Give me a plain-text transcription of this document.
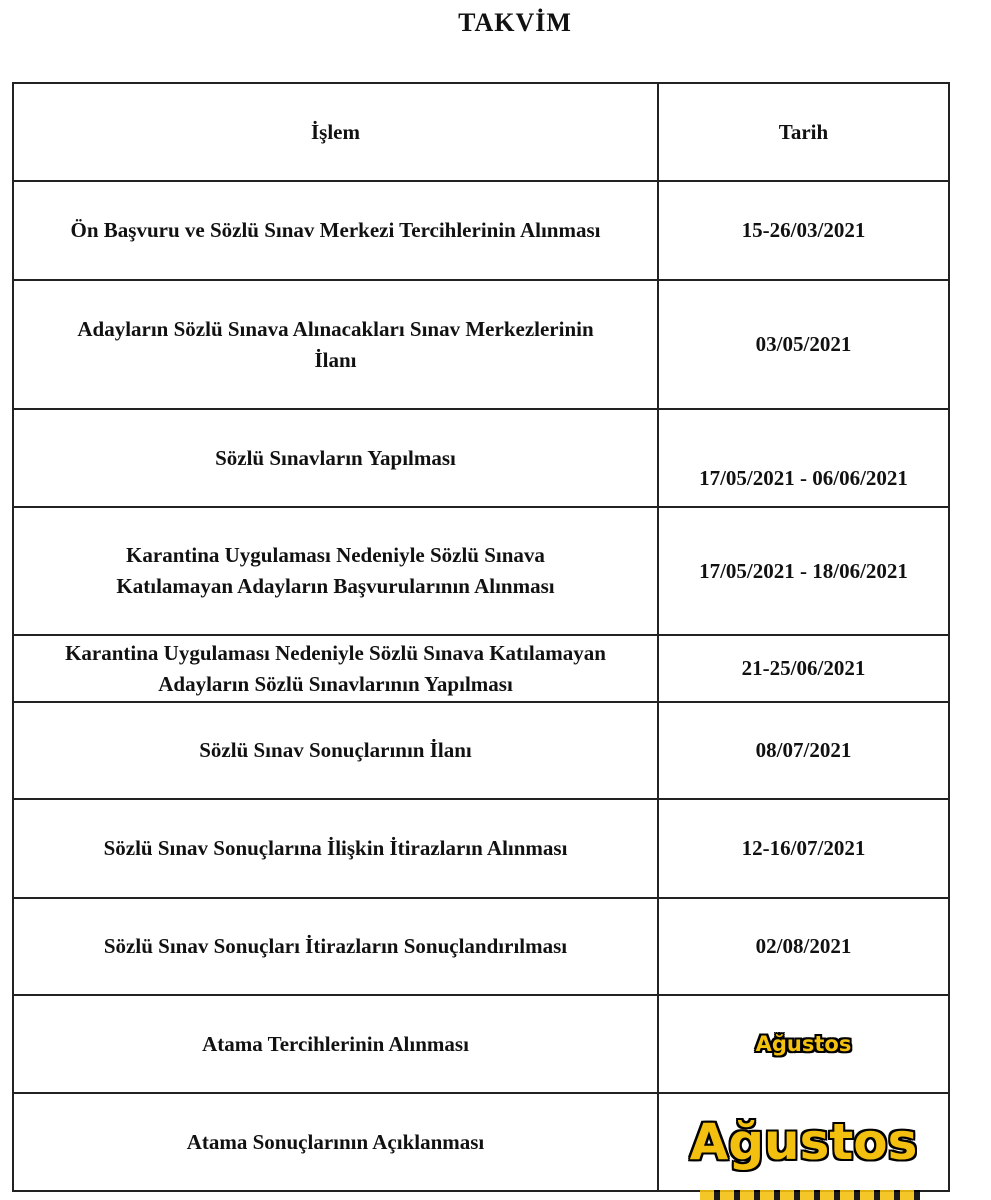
TAKVİM
İşlem	Tarih
Ön Başvuru ve Sözlü Sınav Merkezi Tercihlerinin Alınması	15-26/03/2021
Adayların Sözlü Sınava Alınacakları Sınav Merkezlerinin İlanı	03/05/2021
Sözlü Sınavların Yapılması	17/05/2021 - 06/06/2021
Karantina Uygulaması Nedeniyle Sözlü Sınava Katılamayan Adayların Başvurularının Alınması	17/05/2021 - 18/06/2021
Karantina Uygulaması Nedeniyle Sözlü Sınava Katılamayan Adayların Sözlü Sınavlarının Yapılması	21-25/06/2021
Sözlü Sınav Sonuçlarının İlanı	08/07/2021
Sözlü Sınav Sonuçlarına İlişkin İtirazların Alınması	12-16/07/2021
Sözlü Sınav Sonuçları İtirazların Sonuçlandırılması	02/08/2021
Atama Tercihlerinin Alınması	Ağustos
Atama Sonuçlarının Açıklanması	Ağustos
